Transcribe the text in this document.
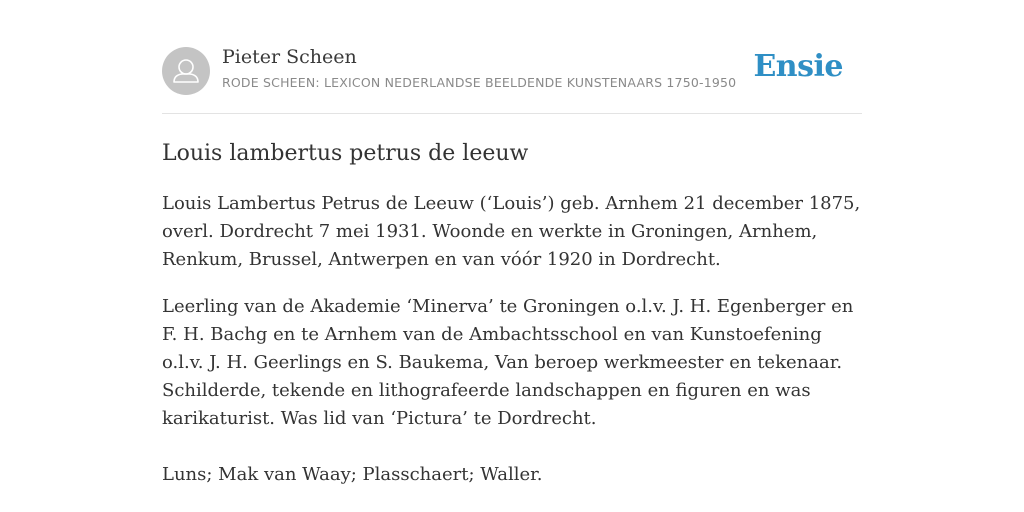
Pieter Scheen
RODE SCHEEN: LEXICON NEDERLANDSE BEELDENDE KUNSTENAARS 1750-1950 Ensie
Louis lambertus petrus de leeuw

Louis Lambertus Petrus de Leeuw (‘Louis’) geb. Arnhem 21 december 1875, overl. Dordrecht 7 mei 1931. Woonde en werkte in Groningen, Arnhem, Renkum, Brussel, Antwerpen en van vóór 1920 in Dordrecht.

Leerling van de Akademie ‘Minerva’ te Groningen o.l.v. J. H. Egenberger en F. H. Bachg en te Arnhem van de Ambachtsschool en van Kunstoefening o.l.v. J. H. Geerlings en S. Baukema, Van beroep werkmeester en tekenaar. Schilderde, tekende en lithografeerde landschappen en figuren en was karikaturist. Was lid van ‘Pictura’ te Dordrecht.

Luns; Mak van Waay; Plasschaert; Waller.
